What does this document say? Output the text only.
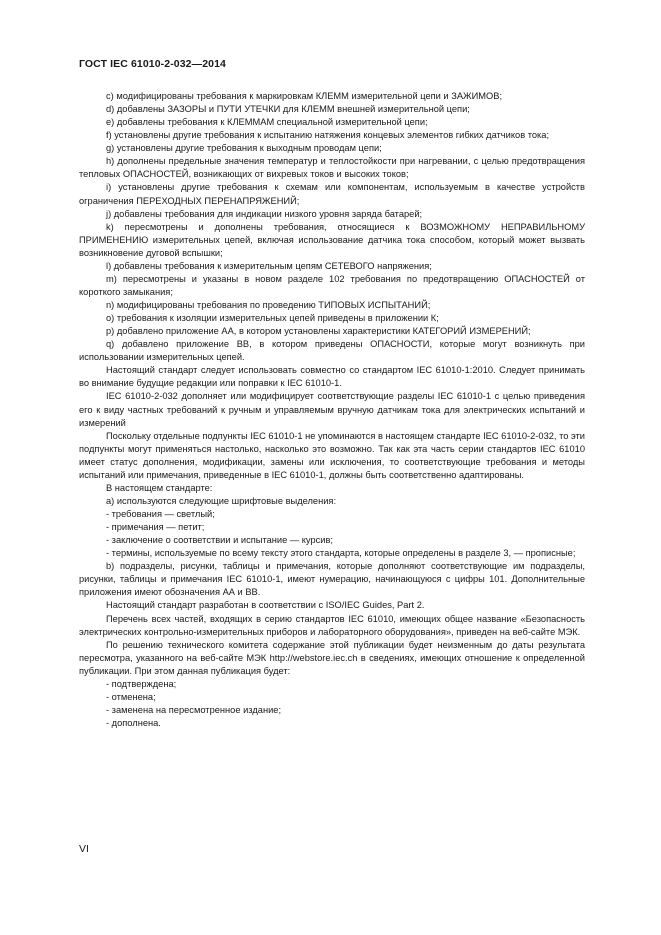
ГОСТ IEC 61010-2-032—2014

c) модифицированы требования к маркировкам КЛЕММ измерительной цепи и ЗАЖИМОВ;

d) добавлены ЗАЗОРЫ и ПУТИ УТЕЧКИ для КЛЕММ внешней измерительной цепи;

e) добавлены требования к КЛЕММАМ специальной измерительной цепи;

f) установлены другие требования к испытанию натяжения концевых элементов гибких датчиков тока;

g) установлены другие требования к выходным проводам цепи;

h) дополнены предельные значения температур и теплостойкости при нагревании, с целью предотвращения тепловых ОПАСНОСТЕЙ, возникающих от вихревых токов и высоких токов;

i) установлены другие требования к схемам или компонентам, используемым в качестве устройств ограничения ПЕРЕХОДНЫХ ПЕРЕНАПРЯЖЕНИЙ;

j) добавлены требования для индикации низкого уровня заряда батарей;

k) пересмотрены и дополнены требования, относящиеся к ВОЗМОЖНОМУ НЕПРАВИЛЬНОМУ ПРИМЕНЕНИЮ измерительных цепей, включая использование датчика тока способом, который может вызвать возникновение дуговой вспышки;

l) добавлены требования к измерительным цепям СЕТЕВОГО напряжения;

m) пересмотрены и указаны в новом разделе 102 требования по предотвращению ОПАСНОСТЕЙ от короткого замыкания;

n) модифицированы требования по проведению ТИПОВЫХ ИСПЫТАНИЙ;

o) требования к изоляции измерительных цепей приведены в приложении К;

p) добавлено приложение АА, в котором установлены характеристики КАТЕГОРИЙ ИЗМЕРЕНИЙ;

q) добавлено приложение ВВ, в котором приведены ОПАСНОСТИ, которые могут возникнуть при использовании измерительных цепей.

Настоящий стандарт следует использовать совместно со стандартом IEC 61010-1:2010. Следует принимать во внимание будущие редакции или поправки к IEC 61010-1.

IEC 61010-2-032 дополняет или модифицирует соответствующие разделы IEC 61010-1 с целью приведения его к виду частных требований к ручным и управляемым вручную датчикам тока для электрических испытаний и измерений

Поскольку отдельные подпункты IEC 61010-1 не упоминаются в настоящем стандарте IEC 61010-2-032, то эти подпункты могут применяться настолько, насколько это возможно. Так как эта часть серии стандартов IEC 61010 имеет статус дополнения, модификации, замены или исключения, то соответствующие требования и методы испытаний или примечания, приведенные в IEC 61010-1, должны быть соответственно адаптированы.

В настоящем стандарте:

a) используются следующие шрифтовые выделения:

- требования — светлый;

- примечания — петит;

- заключение о соответствии и испытание — курсив;

- термины, используемые по всему тексту этого стандарта, которые определены в разделе 3, — прописные;

b) подразделы, рисунки, таблицы и примечания, которые дополняют соответствующие им подразделы, рисунки, таблицы и примечания IEC 61010-1, имеют нумерацию, начинающуюся с цифры 101. Дополнительные приложения имеют обозначения АА и ВВ.

Настоящий стандарт разработан в соответствии с ISO/IEC Guides, Part 2.

Перечень всех частей, входящих в серию стандартов IEC 61010, имеющих общее название «Безопасность электрических контрольно-измерительных приборов и лабораторного оборудования», приведен на веб-сайте МЭК.

По решению технического комитета содержание этой публикации будет неизменным до даты результата пересмотра, указанного на веб-сайте МЭК http://webstore.iec.ch в сведениях, имеющих отношение к определенной публикации. При этом данная публикация будет:

- подтверждена;

- отменена;

- заменена на пересмотренное издание;

- дополнена.

VI
